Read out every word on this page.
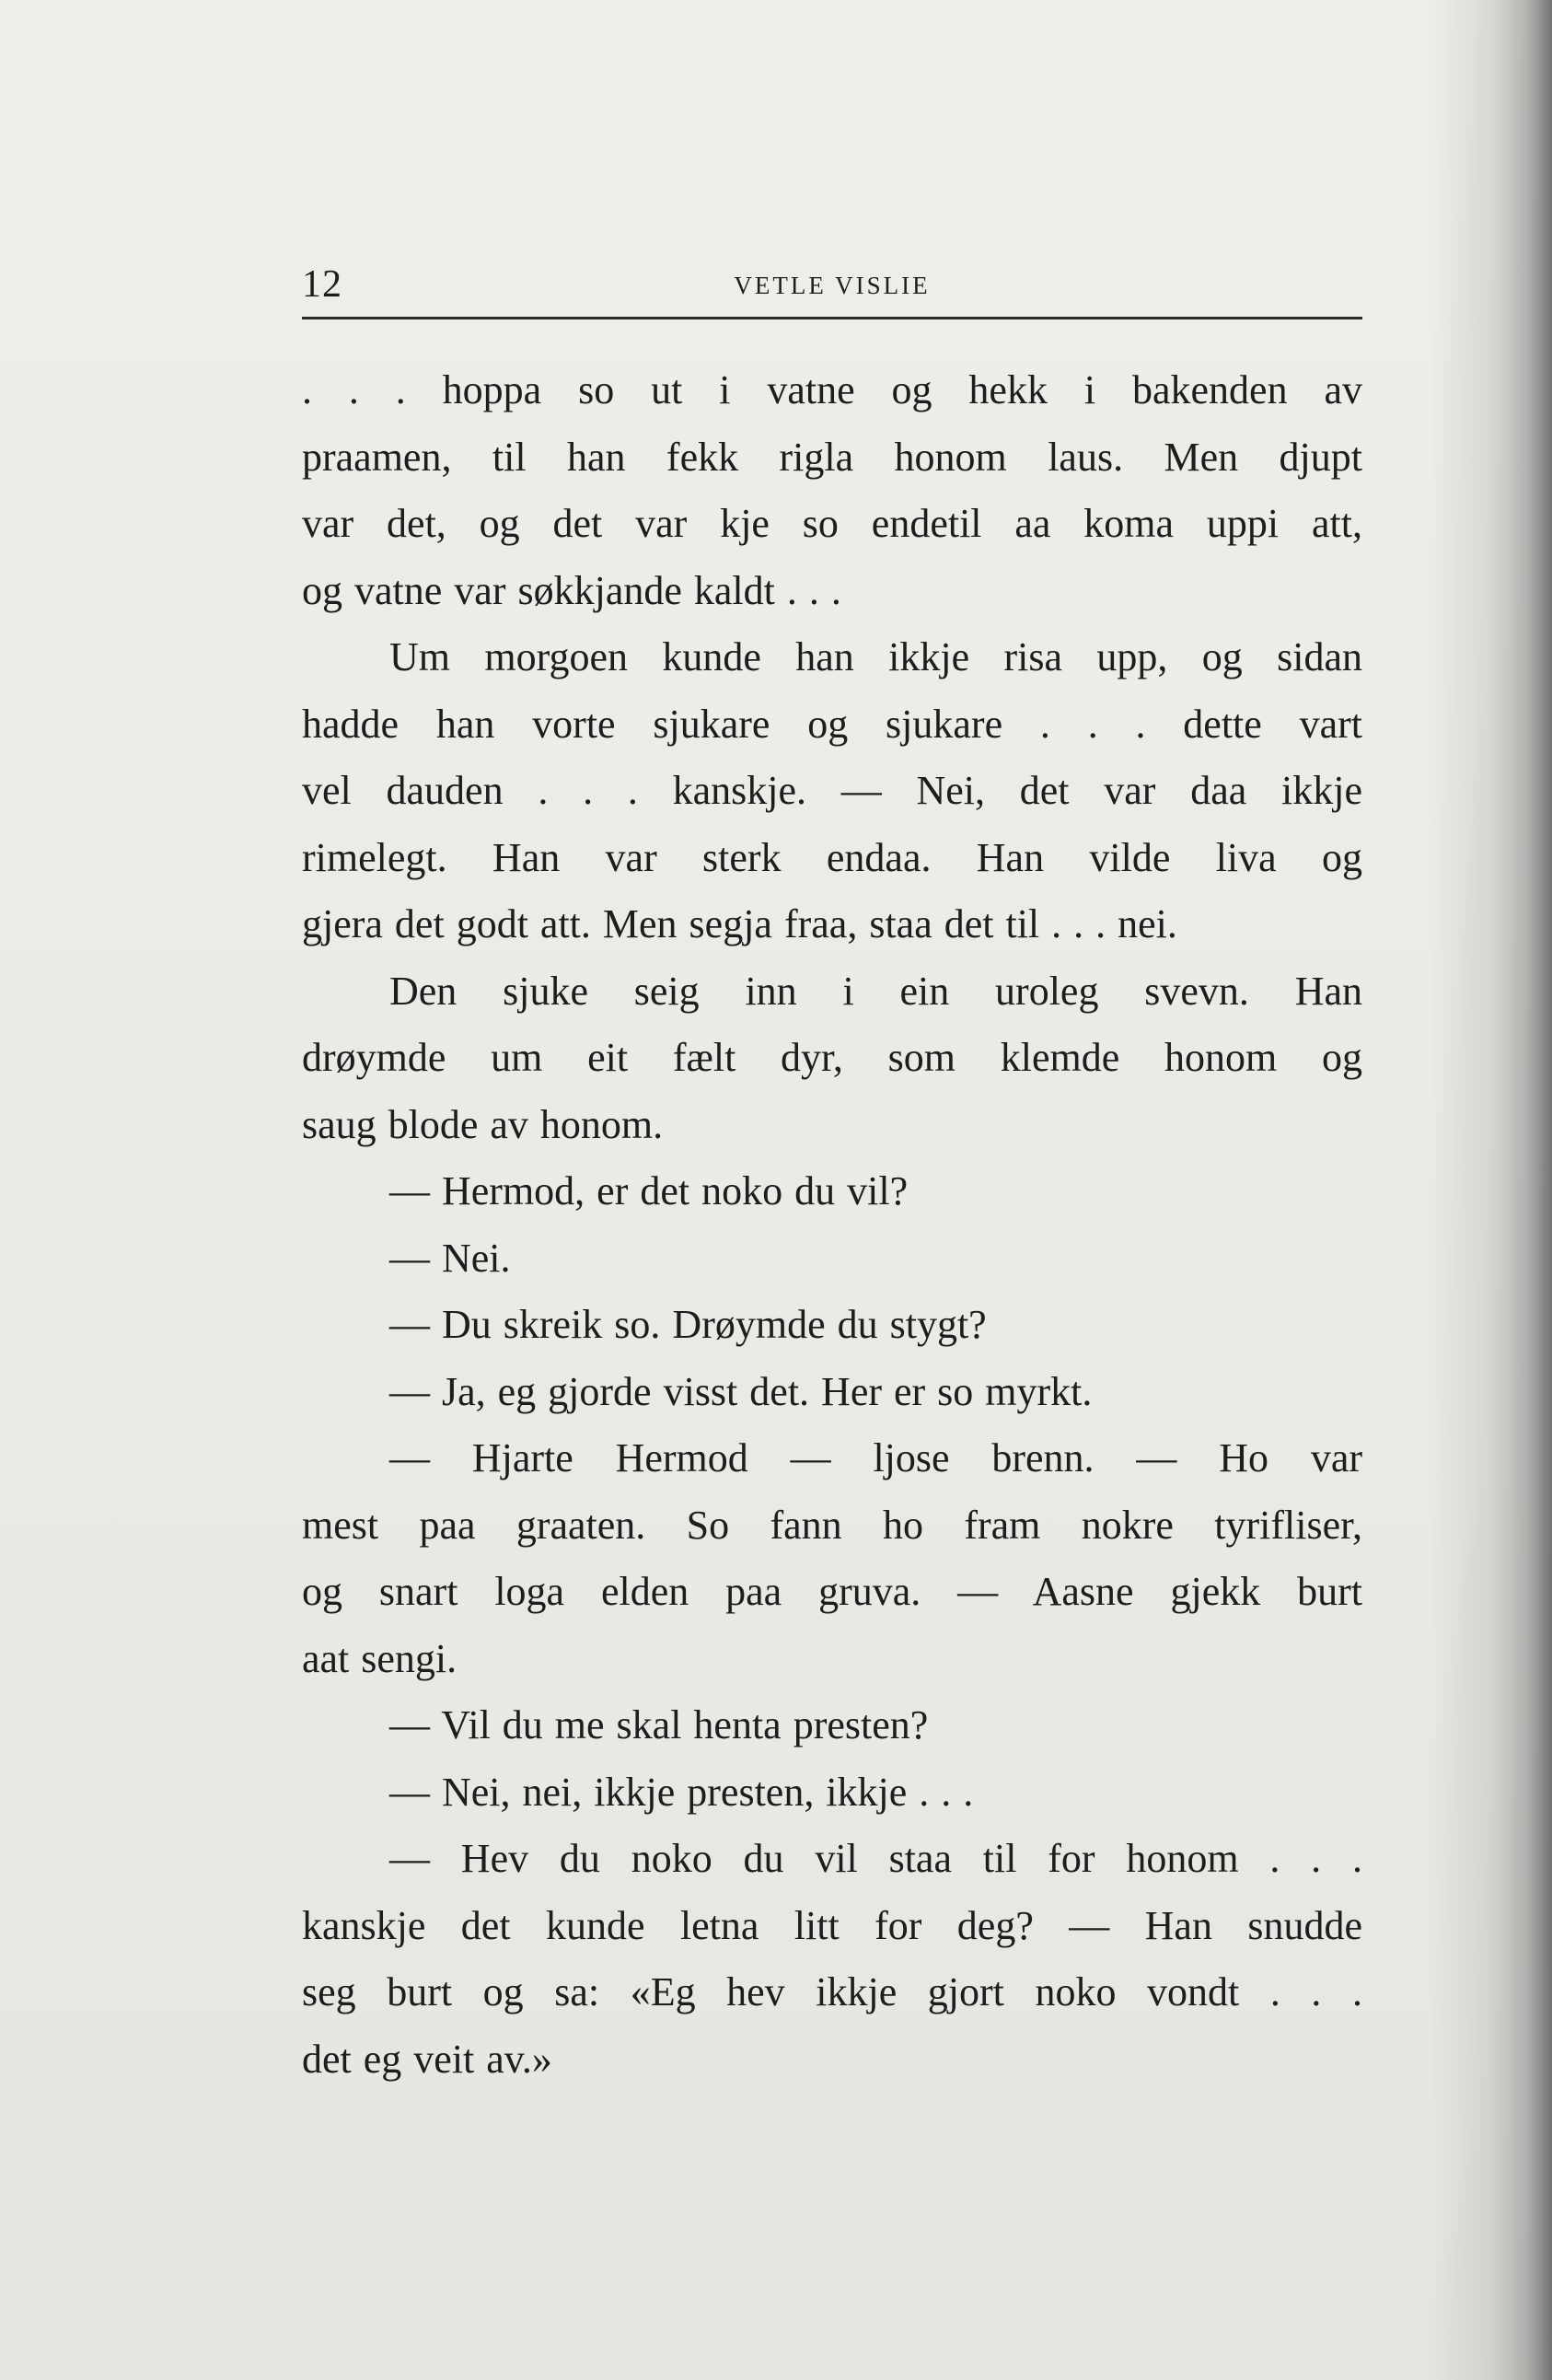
12	VETLE VISLIE
. . . hoppa so ut i vatne og hekk i bakenden av
praamen, til han fekk rigla honom laus. Men djupt
var det, og det var kje so endetil aa koma uppi att,
og vatne var søkkjande kaldt . . .
Um morgoen kunde han ikkje risa upp, og sidan
hadde han vorte sjukare og sjukare . . . dette vart
vel dauden . . . kanskje. — Nei, det var daa ikkje
rimelegt. Han var sterk endaa. Han vilde liva og
gjera det godt att. Men segja fraa, staa det til . . . nei.
Den sjuke seig inn i ein uroleg svevn. Han
drøymde um eit fælt dyr, som klemde honom og
saug blode av honom.
— Hermod, er det noko du vil?
— Nei.
— Du skreik so. Drøymde du stygt?
— Ja, eg gjorde visst det. Her er so myrkt.
— Hjarte Hermod — ljose brenn. — Ho var
mest paa graaten. So fann ho fram nokre tyrifliser,
og snart loga elden paa gruva. — Aasne gjekk burt
aat sengi.
— Vil du me skal henta presten?
— Nei, nei, ikkje presten, ikkje . . .
— Hev du noko du vil staa til for honom . . .
kanskje det kunde letna litt for deg? — Han snudde
seg burt og sa: «Eg hev ikkje gjort noko vondt . . .
det eg veit av.»
